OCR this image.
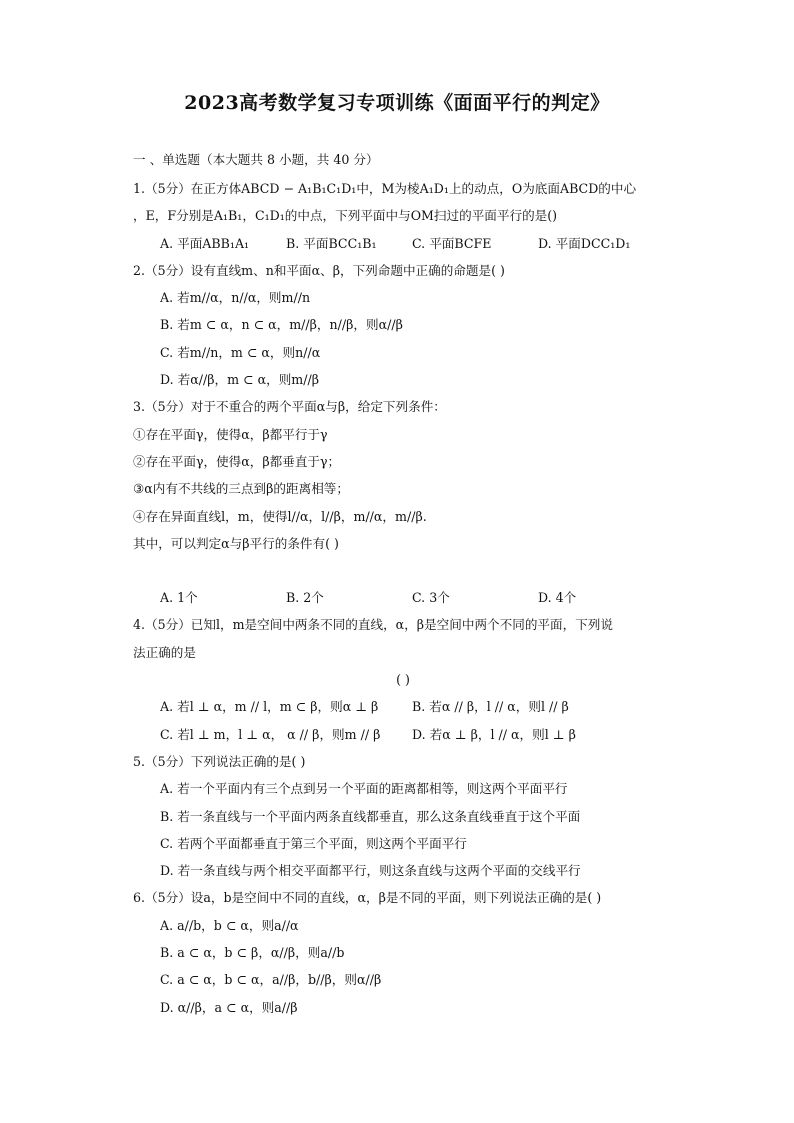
2023高考数学复习专项训练《面面平行的判定》
一 、单选题（本大题共 8 小题，共 40 分）
1.（5分）在正方体ABCD − A₁B₁C₁D₁中，M为棱A₁D₁上的动点，O为底面ABCD的中心
，E，F分别是A₁B₁，C₁D₁的中点，下列平面中与OM扫过的平面平行的是()
A. 平面ABB₁A₁	B. 平面BCC₁B₁	C. 平面BCFE	D. 平面DCC₁D₁
2.（5分）设有直线m、n和平面α、β，下列命题中正确的命题是( )
A. 若m//α，n//α，则m//n
B. 若m ⊂ α，n ⊂ α，m//β，n//β，则α//β
C. 若m//n，m ⊂ α，则n//α
D. 若α//β，m ⊂ α，则m//β
3.（5分）对于不重合的两个平面α与β，给定下列条件：
①存在平面γ，使得α，β都平行于γ
②存在平面γ，使得α，β都垂直于γ；
③α内有不共线的三点到β的距离相等；
④存在异面直线l，m，使得l//α，l//β，m//α，m//β.
其中，可以判定α与β平行的条件有( )
A. 1个	B. 2个	C. 3个	D. 4个
4.（5分）已知l，m是空间中两条不同的直线，α，β是空间中两个不同的平面，下列说
法正确的是
( )
A. 若l ⊥ α，m // l，m ⊂ β，则α ⊥ β	B. 若α // β，l // α，则l // β
C. 若l ⊥ m，l ⊥ α， α // β，则m // β	D. 若α ⊥ β，l // α，则l ⊥ β
5.（5分）下列说法正确的是( )
A. 若一个平面内有三个点到另一个平面的距离都相等，则这两个平面平行
B. 若一条直线与一个平面内两条直线都垂直，那么这条直线垂直于这个平面
C. 若两个平面都垂直于第三个平面，则这两个平面平行
D. 若一条直线与两个相交平面都平行，则这条直线与这两个平面的交线平行
6.（5分）设a，b是空间中不同的直线，α，β是不同的平面，则下列说法正确的是( )
A. a//b，b ⊂ α，则a//α
B. a ⊂ α，b ⊂ β，α//β，则a//b
C. a ⊂ α，b ⊂ α，a//β，b//β，则α//β
D. α//β，a ⊂ α，则a//β
